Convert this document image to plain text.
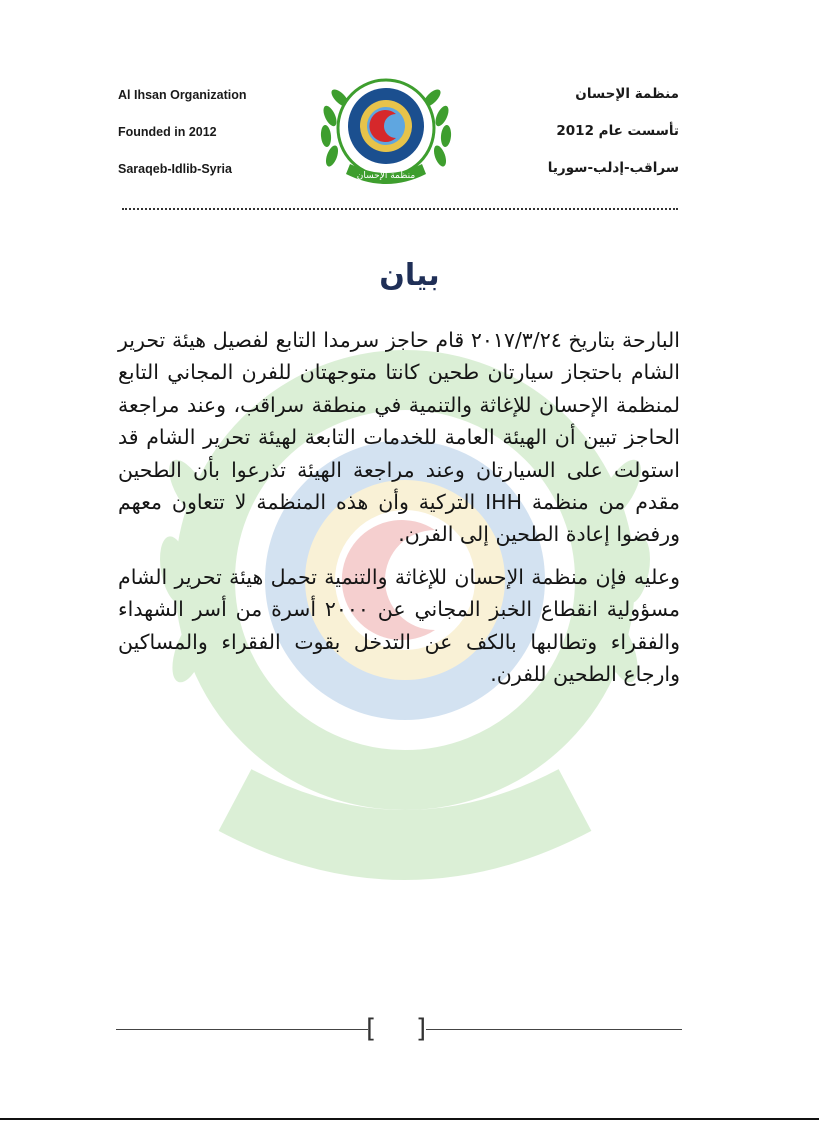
Al Ihsan Organization
Founded in 2012
Saraqeb-Idlib-Syria	منظمة الإحسان
منظمة الإحسان
تأسست عام 2012
سراقب-إدلب-سوريا
بيان

البارحة بتاريخ ٢٠١٧/٣/٢٤ قام حاجز سرمدا التابع لفصيل هيئة تحرير الشام باحتجاز سيارتان طحين كانتا متوجهتان للفرن المجاني التابع لمنظمة الإحسان للإغاثة والتنمية في منطقة سراقب، وعند مراجعة الحاجز تبين أن الهيئة العامة للخدمات التابعة لهيئة تحرير الشام قد استولت على السيارتان وعند مراجعة الهيئة تذرعوا بأن الطحين مقدم من منظمة IHH التركية وأن هذه المنظمة لا تتعاون معهم ورفضوا إعادة الطحين إلى الفرن.

وعليه فإن منظمة الإحسان للإغاثة والتنمية تحمل هيئة تحرير الشام مسؤولية انقطاع الخبز المجاني عن ٢٠٠٠ أسرة من أسر الشهداء والفقراء وتطالبها بالكف عن التدخل بقوت الفقراء والمساكين وارجاع الطحين للفرن.

[ ]
